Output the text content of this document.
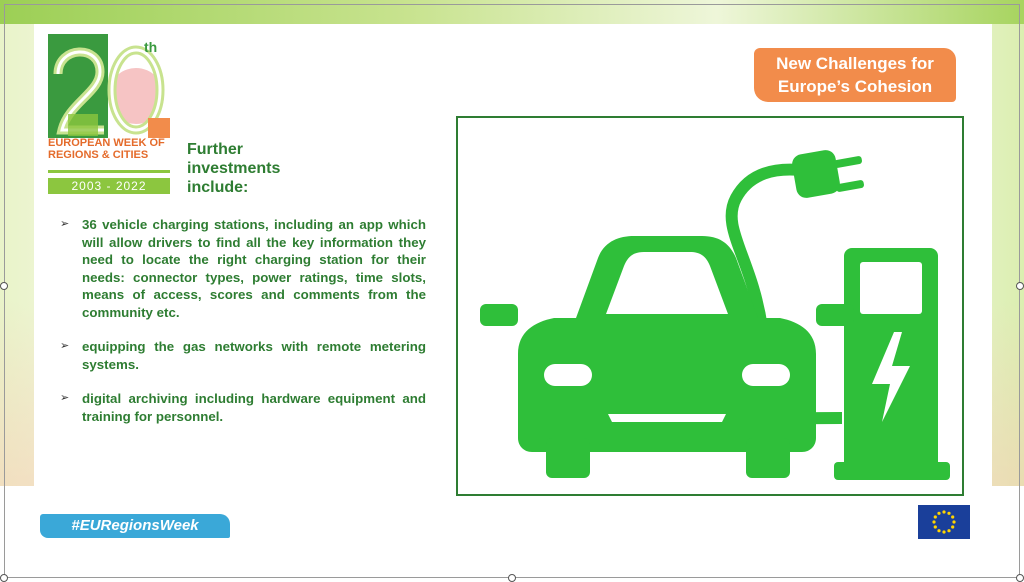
th
EUROPEAN WEEK OF
REGIONS & CITIES
2003 - 2022
Further
investments
include:
New Challenges for
Europe’s Cohesion
➢ 36 vehicle charging stations, including an app which will allow drivers to find all the key information they need to locate the right charging station for their needs: connector types, power ratings, time slots, means of access, scores and comments from the community etc.
➢ equipping the gas networks with remote metering systems.
➢ digital archiving including hardware equipment and training for personnel.
#EURegionsWeek
